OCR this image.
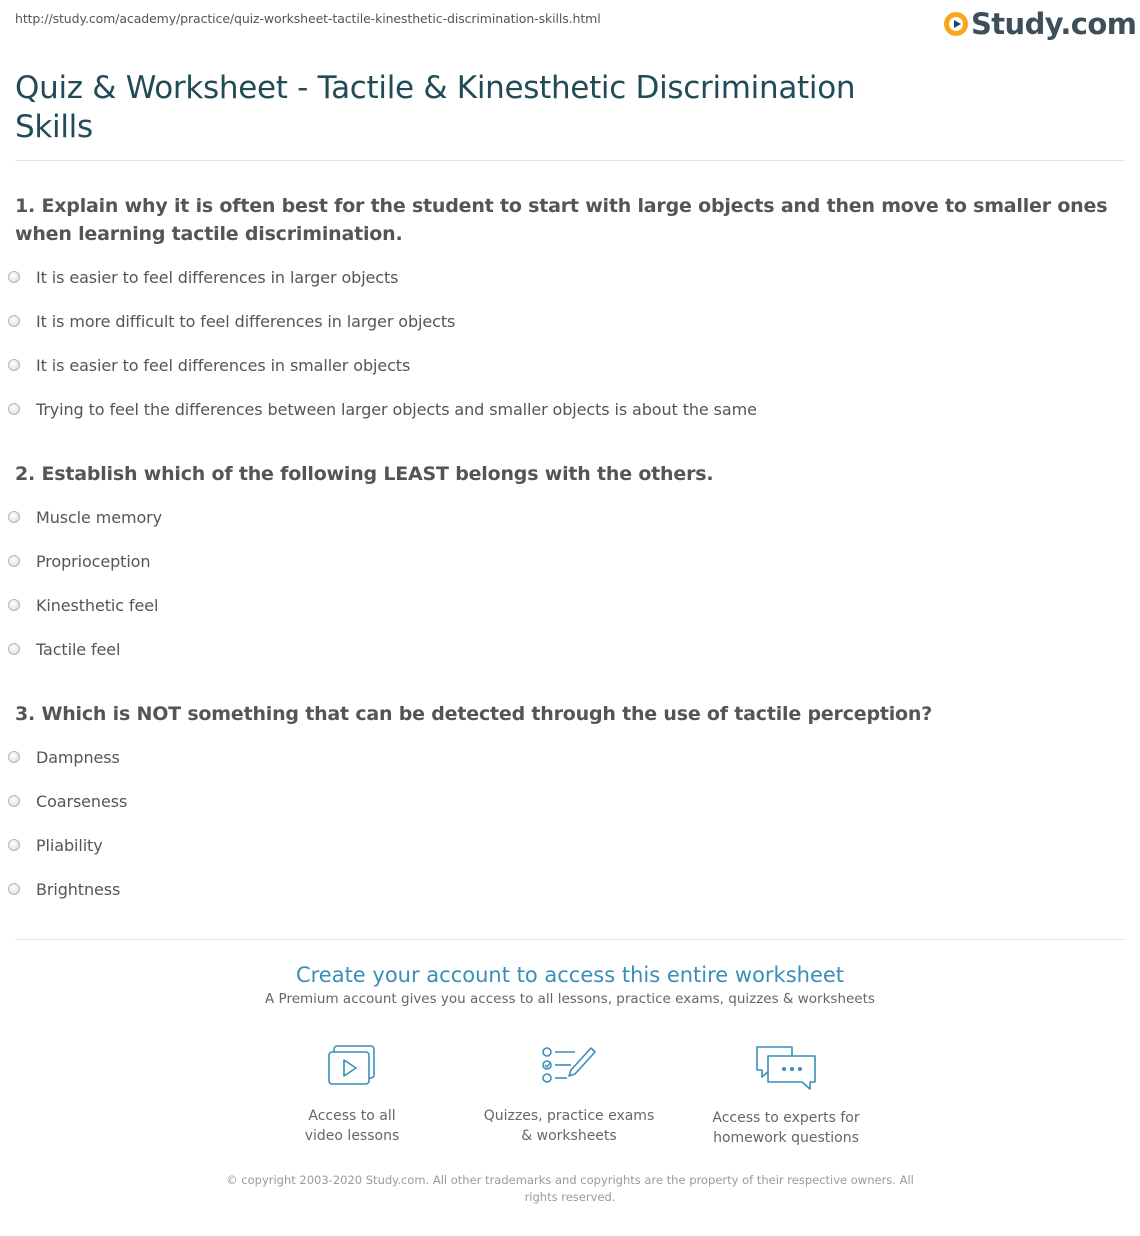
http://study.com/academy/practice/quiz-worksheet-tactile-kinesthetic-discrimination-skills.html	Study.com
Quiz & Worksheet - Tactile & Kinesthetic Discrimination Skills

1. Explain why it is often best for the student to start with large objects and then move to smaller ones when learning tactile discrimination.

It is easier to feel differences in larger objects
It is more difficult to feel differences in larger objects
It is easier to feel differences in smaller objects
Trying to feel the differences between larger objects and smaller objects is about the same

2. Establish which of the following LEAST belongs with the others.

Muscle memory
Proprioception
Kinesthetic feel
Tactile feel

3. Which is NOT something that can be detected through the use of tactile perception?

Dampness
Coarseness
Pliability
Brightness

Create your account to access this entire worksheet

A Premium account gives you access to all lessons, practice exams, quizzes & worksheets
Access to all
video lessons
Quizzes, practice exams
& worksheets
Access to experts for
homework questions
© copyright 2003-2020 Study.com. All other trademarks and copyrights are the property of their respective owners. All rights reserved.
